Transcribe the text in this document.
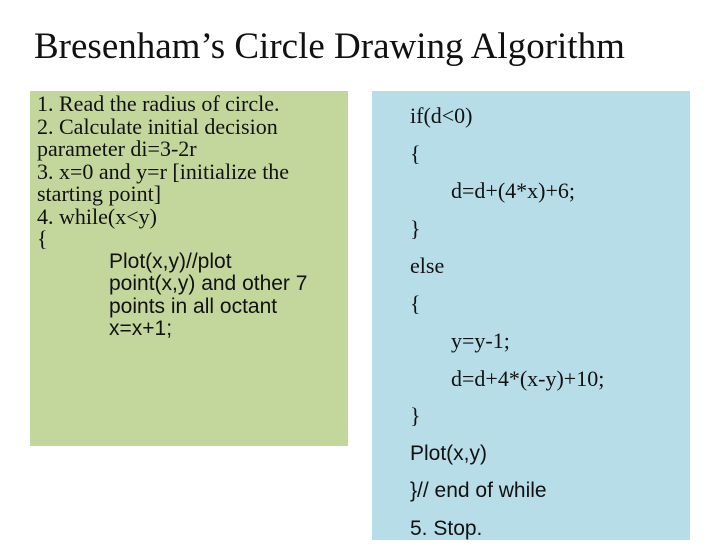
Bresenham’s Circle Drawing Algorithm
1. Read the radius of circle.
2. Calculate initial decision
parameter di=3-2r
3. x=0 and y=r [initialize the
starting point]
4. while(x<y)
{
Plot(x,y)//plot
point(x,y) and other 7
points in all octant
x=x+1;
if(d<0)
{
d=d+(4*x)+6;
}
else
{
y=y-1;
d=d+4*(x-y)+10;
}
Plot(x,y)
}// end of while
5. Stop.
